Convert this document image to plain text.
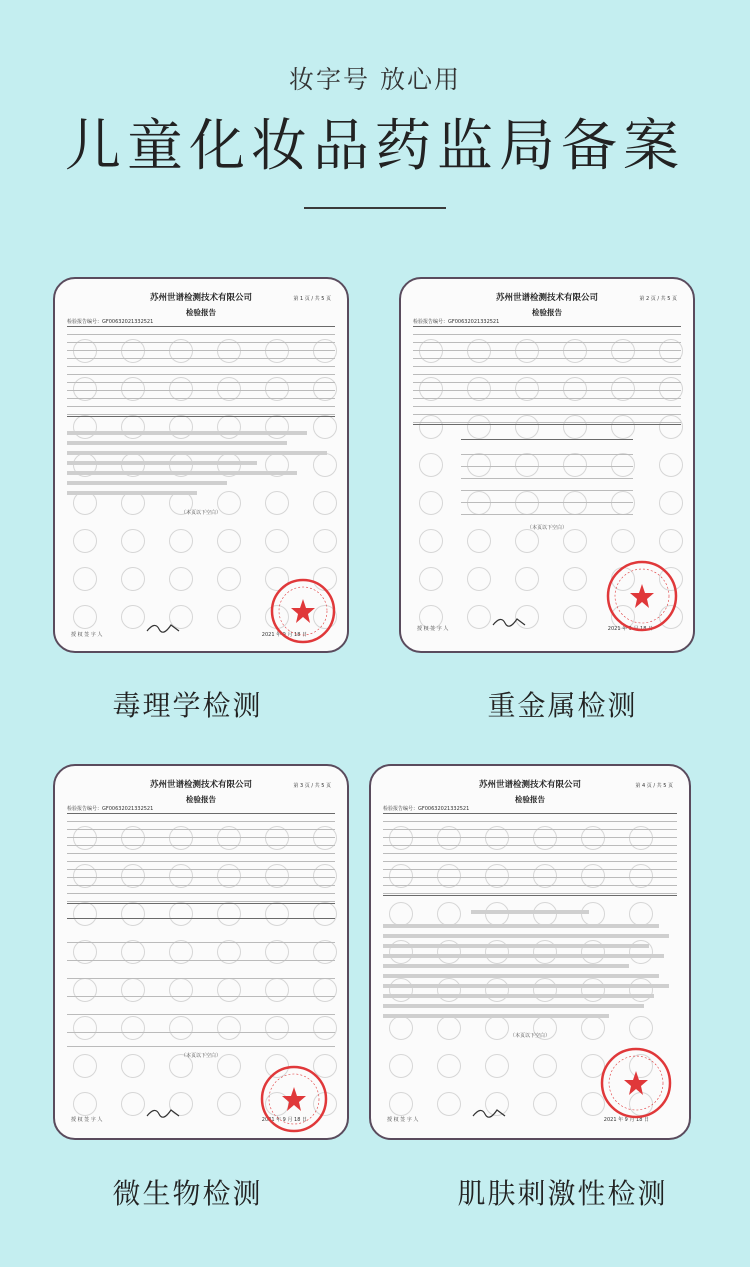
妆字号 放心用
儿童化妆品药监局备案
苏州世谱检测技术有限公司	第 1 页 / 共 5 页
检验报告
检验报告编号：GF0063202133252​1
（本页以下空白）
授 权 签 字 人	2021 年 9 月 18 日
毒理学检测
苏州世谱检测技术有限公司	第 2 页 / 共 5 页
检验报告
检验报告编号：GF0063202133252​1
（本页以下空白）
授 权 签 字 人	2021 年 9 月 18 日
重金属检测
苏州世谱检测技术有限公司	第 3 页 / 共 5 页
检验报告
检验报告编号：GF0063202133252​1
（本页以下空白）
授 权 签 字 人	2021 年 9 月 18 日
微生物检测
苏州世谱检测技术有限公司	第 4 页 / 共 5 页
检验报告
检验报告编号：GF0063202133252​1
（本页以下空白）
授 权 签 字 人	2021 年 9 月 18 日
肌肤刺激性检测
